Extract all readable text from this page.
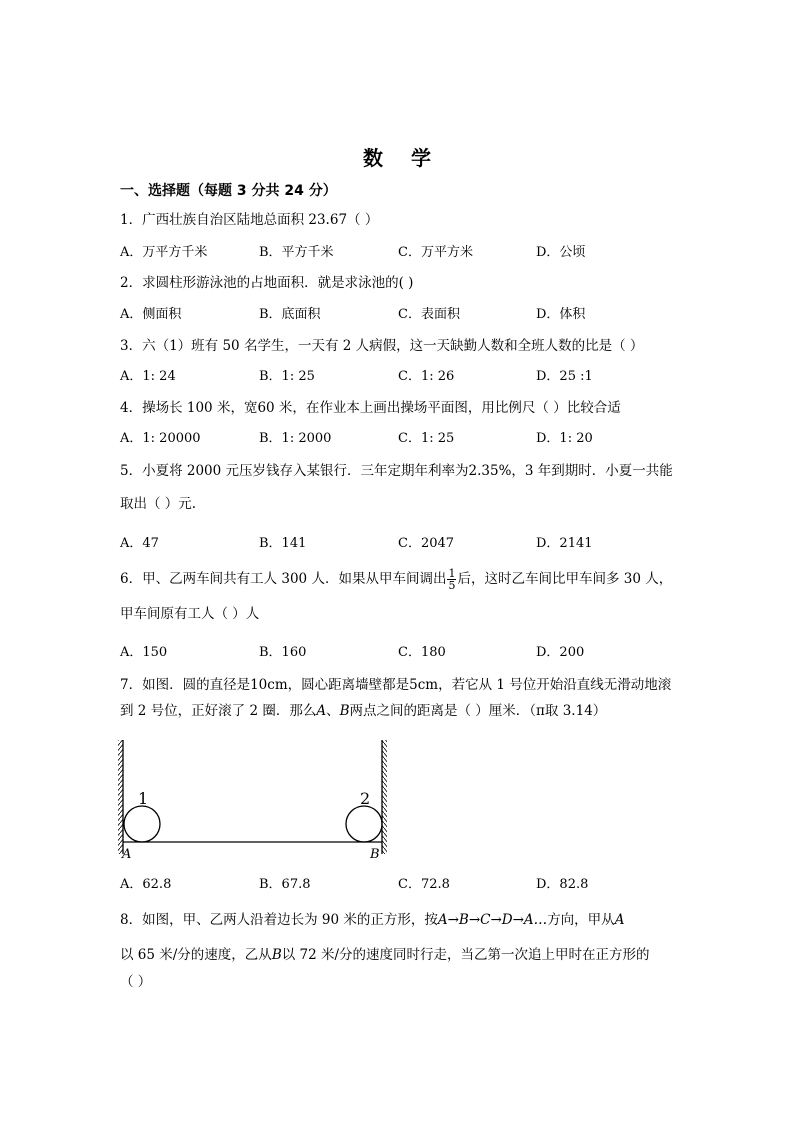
数 学
一、选择题（每题 3 分共 24 分）
1．广西壮族自治区陆地总面积 23.67（ ）
A．万平方千米	B．平方千米	C．万平方米	D．公顷
2．求圆柱形游泳池的占地面积．就是求泳池的( )
A．侧面积	B．底面积	C．表面积	D．体积
3．六（1）班有 50 名学生，一天有 2 人病假，这一天缺勤人数和全班人数的比是（ ）
A．1: 24	B．1: 25	C．1: 26	D．25 :1
4．操场长 100 米，宽60 米，在作业本上画出操场平面图，用比例尺（ ）比较合适
A．1: 20000	B．1: 2000	C．1: 25	D．1: 20
5．小夏将 2000 元压岁钱存入某银行．三年定期年利率为2.35%，3 年到期时．小夏一共能
取出（ ）元.
A．47	B．141	C．2047	D．2141
6．甲、乙两车间共有工人 300 人．如果从甲车间调出 $\frac{1}{5}$ 后，这时乙车间比甲车间多 30 人，
甲车间原有工人（ ）人
A．150	B．160	C．180	D．200
7．如图．圆的直径是10cm，圆心距离墙壁都是5cm，若它从 1 号位开始沿直线无滑动地滚
到 2 号位，正好滚了 2 圈．那么A、B两点之间的距离是（ ）厘米．（π取 3.14）
1	2
A	B
A．62.8	B．67.8	C．72.8	D．82.8
8．如图，甲、乙两人沿着边长为 90 米的正方形，按A→B→C→D→A…方向，甲从A
以 65 米/分的速度，乙从B以 72 米/分的速度同时行走，当乙第一次追上甲时在正方形的
（ ）
